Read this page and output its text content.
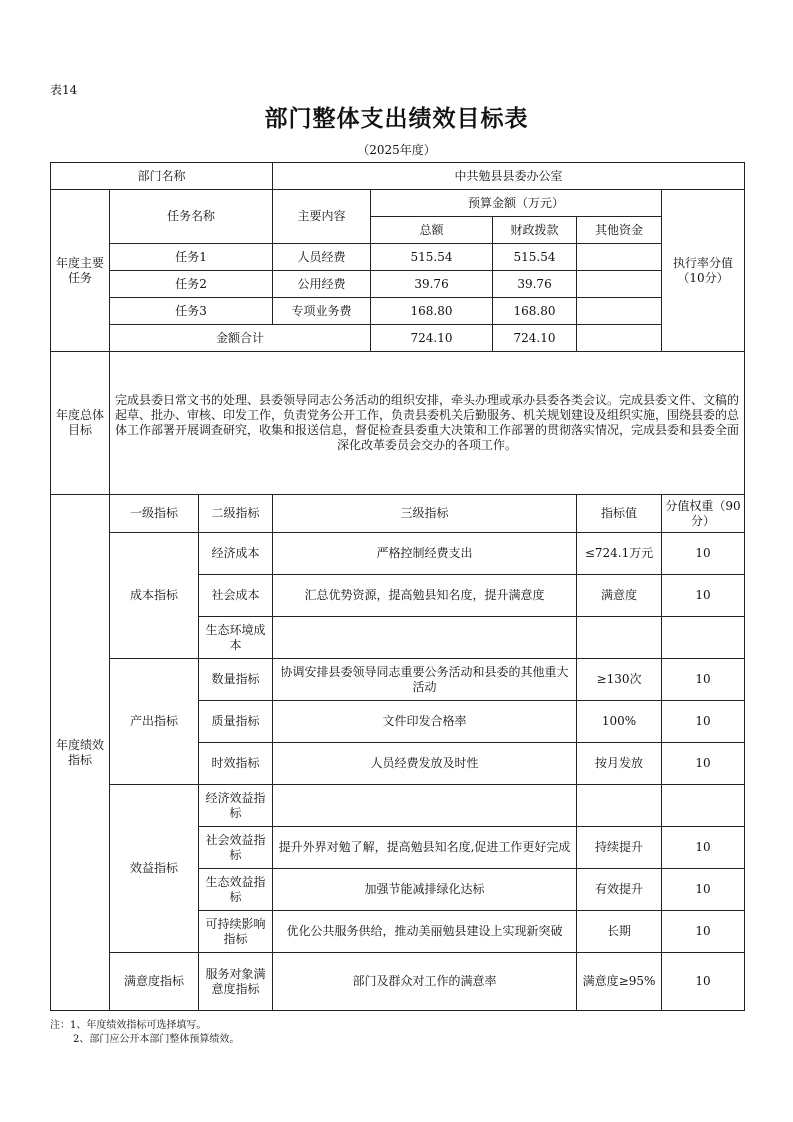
表14
部门整体支出绩效目标表
（2025年度）
部门名称			中共勉县县委办公室				
年度主要任务	任务名称		主要内容	预算金额（万元）			执行率分值（10分）
				总额	财政拨款	其他资金	
	任务1		人员经费	515.54	515.54		
	任务2		公用经费	39.76	39.76		
	任务3		专项业务费	168.80	168.80		
	金额合计			724.10	724.10		
年度总体目标	完成县委日常文书的处理、县委领导同志公务活动的组织安排，牵头办理或承办县委各类会议。完成县委文件、文稿的起草、批办、审核、印发工作，负责党务公开工作，负责县委机关后勤服务、机关规划建设及组织实施，围绕县委的总体工作部署开展调查研究，收集和报送信息，督促检查县委重大决策和工作部署的贯彻落实情况，完成县委和县委全面深化改革委员会交办的各项工作。						
年度绩效指标	一级指标	二级指标	三级指标			指标值	分值权重（90分）
	成本指标	经济成本	严格控制经费支出			≤724.1万元	10
		社会成本	汇总优势资源，提高勉县知名度，提升满意度			满意度	10
		生态环境成本					
	产出指标	数量指标	协调安排县委领导同志重要公务活动和县委的其他重大活动			≥130次	10
		质量指标	文件印发合格率			100%	10
		时效指标	人员经费发放及时性			按月发放	10
	效益指标	经济效益指标					
		社会效益指标	提升外界对勉了解，提高勉县知名度,促进工作更好完成			持续提升	10
		生态效益指标	加强节能减排绿化达标			有效提升	10
		可持续影响指标	优化公共服务供给，推动美丽勉县建设上实现新突破			长期	10
	满意度指标	服务对象满意度指标	部门及群众对工作的满意率			满意度≥95%	10
注：1、年度绩效指标可选择填写。
2、部门应公开本部门整体预算绩效。
